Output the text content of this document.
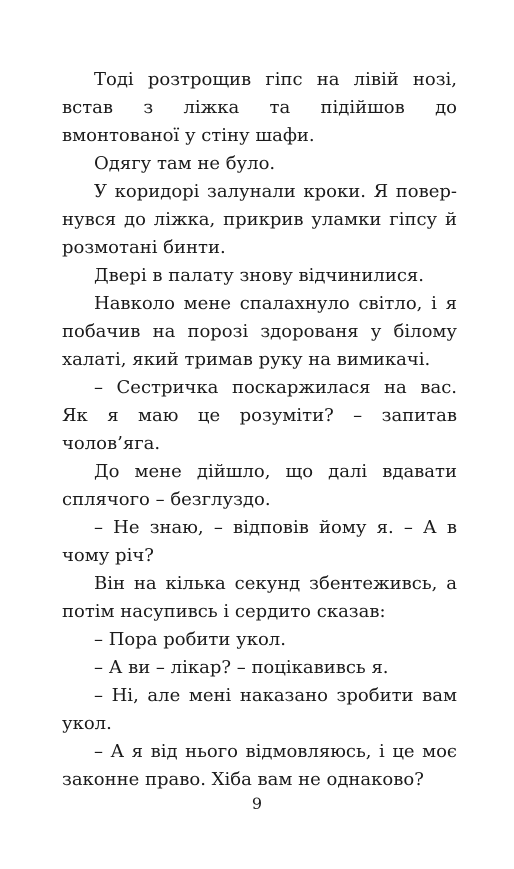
Тоді розтрощив гіпс на лівій нозі, встав з ліжка та підійшов до вмонтованої у стіну шафи.

Одягу там не було.

У коридорі залунали кроки. Я повернувся до ліжка, прикрив уламки гіпсу й розмотані бинти.

Двері в палату знову відчинилися.

Навколо мене спалахнуло світло, і я побачив на порозі здорованя у білому халаті, який тримав руку на вимикачі.

– Сестричка поскаржилася на вас. Як я маю це розуміти? – запитав чолов’яга.

До мене дійшло, що далі вдавати сплячого – безглуздо.

– Не знаю, – відповів йому я. – А в чому річ?

Він на кілька секунд збентеживсь, а потім насупивсь і сердито сказав:

– Пора робити укол.

– А ви – лікар? – поцікавивсь я.

– Ні, але мені наказано зробити вам укол.

– А я від нього відмовляюсь, і це моє законне право. Хіба вам не однаково?

9
